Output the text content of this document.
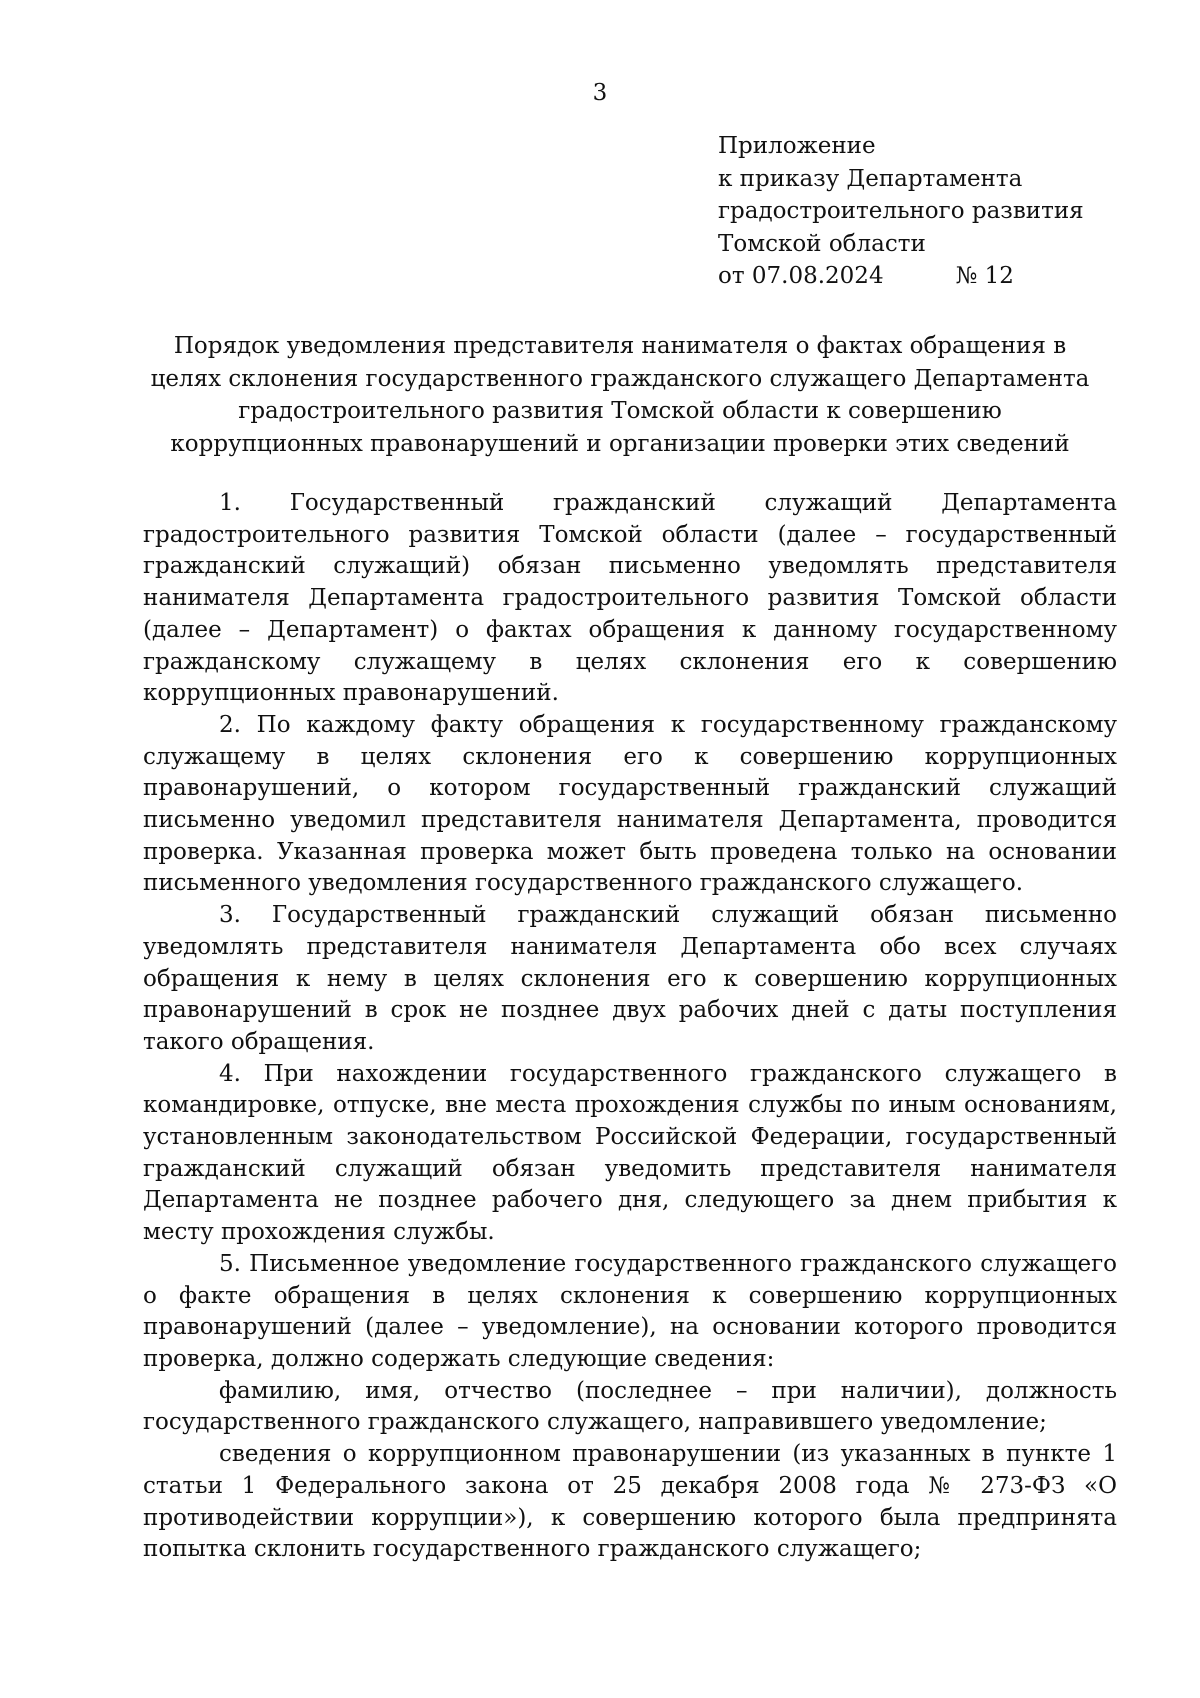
3
Приложение
к приказу Департамента
градостроительного развития
Томской области
от 07.08.2024	№ 12
Порядок уведомления представителя нанимателя о фактах обращения в целях склонения государственного гражданского служащего Департамента градостроительного развития Томской области к совершению коррупционных правонарушений и организации проверки этих сведений

1. Государственный гражданский служащий Департамента градостроительного развития Томской области (далее – государственный гражданский служащий) обязан письменно уведомлять представителя нанимателя Департамента градостроительного развития Томской области (далее – Департамент) о фактах обращения к данному государственному гражданскому служащему в целях склонения его к совершению коррупционных правонарушений.

2. По каждому факту обращения к государственному гражданскому служащему в целях склонения его к совершению коррупционных правонарушений, о котором государственный гражданский служащий письменно уведомил представителя нанимателя Департамента, проводится проверка. Указанная проверка может быть проведена только на основании письменного уведомления государственного гражданского служащего.

3. Государственный гражданский служащий обязан письменно уведомлять представителя нанимателя Департамента обо всех случаях обращения к нему в целях склонения его к совершению коррупционных правонарушений в срок не позднее двух рабочих дней с даты поступления такого обращения.

4. При нахождении государственного гражданского служащего в командировке, отпуске, вне места прохождения службы по иным основаниям, установленным законодательством Российской Федерации, государственный гражданский служащий обязан уведомить представителя нанимателя Департамента не позднее рабочего дня, следующего за днем прибытия к месту прохождения службы.

5. Письменное уведомление государственного гражданского служащего о факте обращения в целях склонения к совершению коррупционных правонарушений (далее – уведомление), на основании которого проводится проверка, должно содержать следующие сведения:

фамилию, имя, отчество (последнее – при наличии), должность государственного гражданского служащего, направившего уведомление;

сведения о коррупционном правонарушении (из указанных в пункте 1 статьи 1 Федерального закона от 25 декабря 2008 года № 273-ФЗ «О противодействии коррупции»), к совершению которого была предпринята попытка склонить государственного гражданского служащего;
